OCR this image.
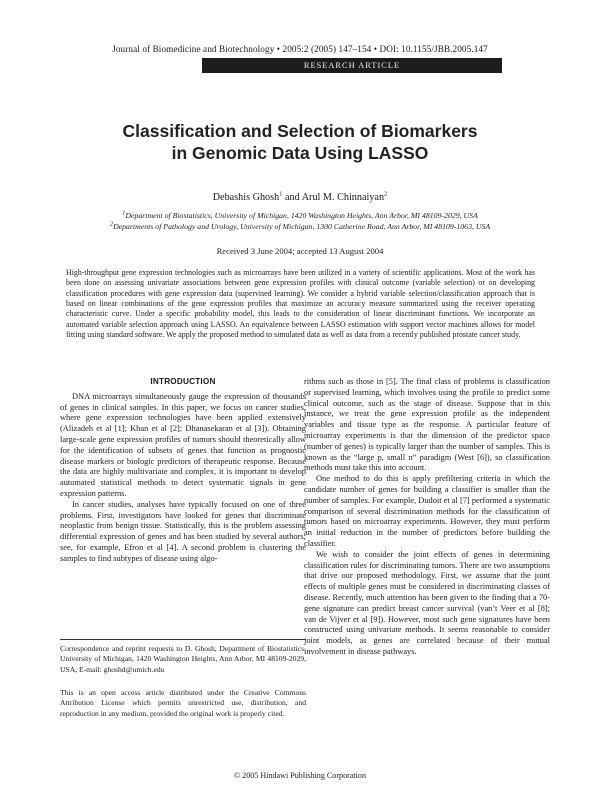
Journal of Biomedicine and Biotechnology • 2005:2 (2005) 147–154 • DOI: 10.1155/JBB.2005.147
RESEARCH ARTICLE
Classification and Selection of Biomarkers
in Genomic Data Using LASSO
Debashis Ghosh$^1$ and Arul M. Chinnaiyan$^2$
$^1$Department of Biostatistics, University of Michigan, 1420 Washington Heights, Ann Arbor, MI 48109-2029, USA
$^2$Departments of Pathology and Urology, University of Michigan, 1300 Catherine Road, Ann Arbor, MI 48109-1063, USA
Received 3 June 2004; accepted 13 August 2004
High-throughput gene expression technologies such as microarrays have been utilized in a variety of scientific applications. Most of the work has been done on assessing univariate associations between gene expression profiles with clinical outcome (variable selection) or on developing classification procedures with gene expression data (supervised learning). We consider a hybrid variable selection/classification approach that is based on linear combinations of the gene expression profiles that maximize an accuracy measure summarized using the receiver operating characteristic curve. Under a specific probability model, this leads to the consideration of linear discriminant functions. We incorporate an automated variable selection approach using LASSO. An equivalence between LASSO estimation with support vector machines allows for model fitting using standard software. We apply the proposed method to simulated data as well as data from a recently published prostate cancer study.
INTRODUCTION

DNA microarrays simultaneously gauge the expression of thousands of genes in clinical samples. In this paper, we focus on cancer studies, where gene expression technologies have been applied extensively (Alizadeh et al [1]; Khan et al [2]; Dhanasekaran et al [3]). Obtaining large-scale gene expression profiles of tumors should theoretically allow for the identification of subsets of genes that function as prognostic disease markers or biologic predictors of therapeutic response. Because the data are highly multivariate and complex, it is important to develop automated statistical methods to detect systematic signals in gene expression patterns.

In cancer studies, analyses have typically focused on one of three problems. First, investigators have looked for genes that discriminate neoplastic from benign tissue. Statistically, this is the problem assessing differential expression of genes and has been studied by several authors; see, for example, Efron et al [4]. A second problem is clustering the samples to find subtypes of disease using algo-

rithms such as those in [5]. The final class of problems is classification or supervised learning, which involves using the profile to predict some clinical outcome, such as the stage of disease. Suppose that in this instance, we treat the gene expression profile as the independent variables and tissue type as the response. A particular feature of microarray experiments is that the dimension of the predictor space (number of genes) is typically larger than the number of samples. This is known as the “large p, small n” paradigm (West [6]), so classification methods must take this into account.

One method to do this is apply prefiltering criteria in which the candidate number of genes for building a classifier is smaller than the number of samples. For example, Dudoit et al [7] performed a systematic comparison of several discrimination methods for the classification of tumors based on microarray experiments. However, they must perform an initial reduction in the number of predictors before building the classifier.

We wish to consider the joint effects of genes in determining classification rules for discriminating tumors. There are two assumptions that drive our proposed methodology. First, we assume that the joint effects of multiple genes must be considered in discriminating classes of disease. Recently, much attention has been given to the finding that a 70-gene signature can predict breast cancer survival (van’t Veer et al [8]; van de Vijver et al [9]). However, most such gene signatures have been constructed using univariate methods. It seems reasonable to consider joint models, as genes are correlated because of their mutual involvement in disease pathways.

Correspondence and reprint requests to D. Ghosh, Department of Biostatistics, University of Michigan, 1420 Washington Heights, Ann Arbor, MI 48109-2029, USA, E-mail: ghoshd@umich.edu
This is an open access article distributed under the Creative Commons Attribution License which permits unrestricted use, distribution, and reproduction in any medium, provided the original work is properly cited.
© 2005 Hindawi Publishing Corporation
